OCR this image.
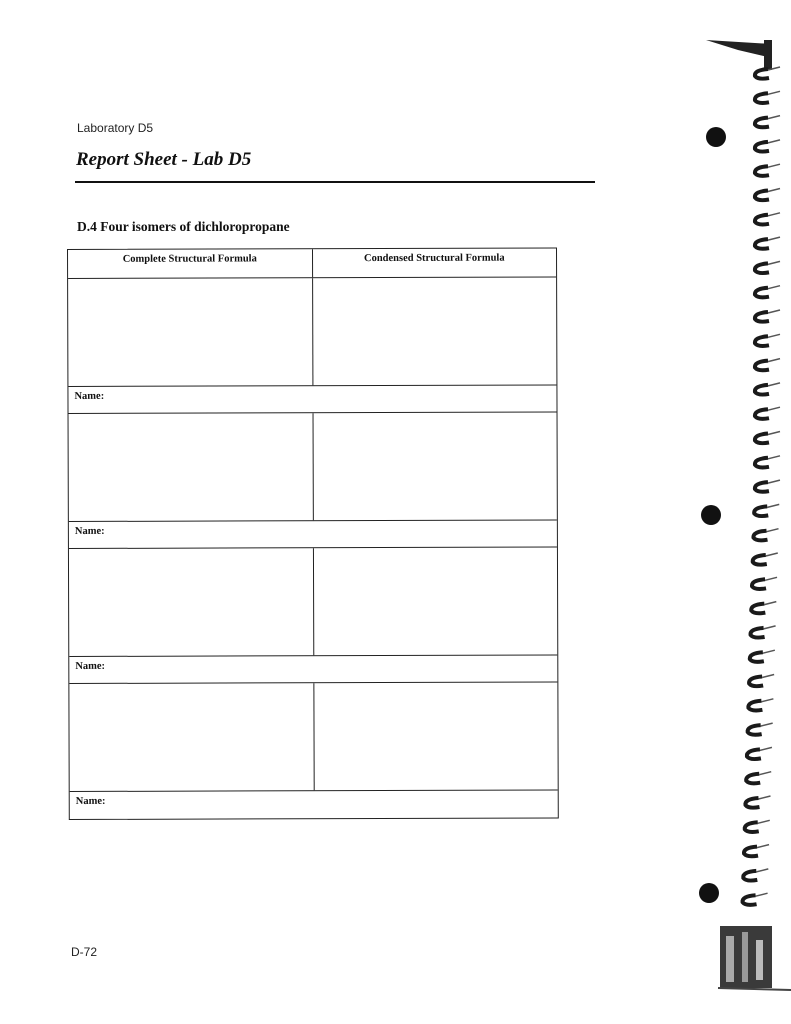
Laboratory D5
Report Sheet - Lab D5
D.4 Four isomers of dichloropropane
Complete Structural Formula	Condensed Structural Formula
Name:
Name:
Name:
Name:
D-72
